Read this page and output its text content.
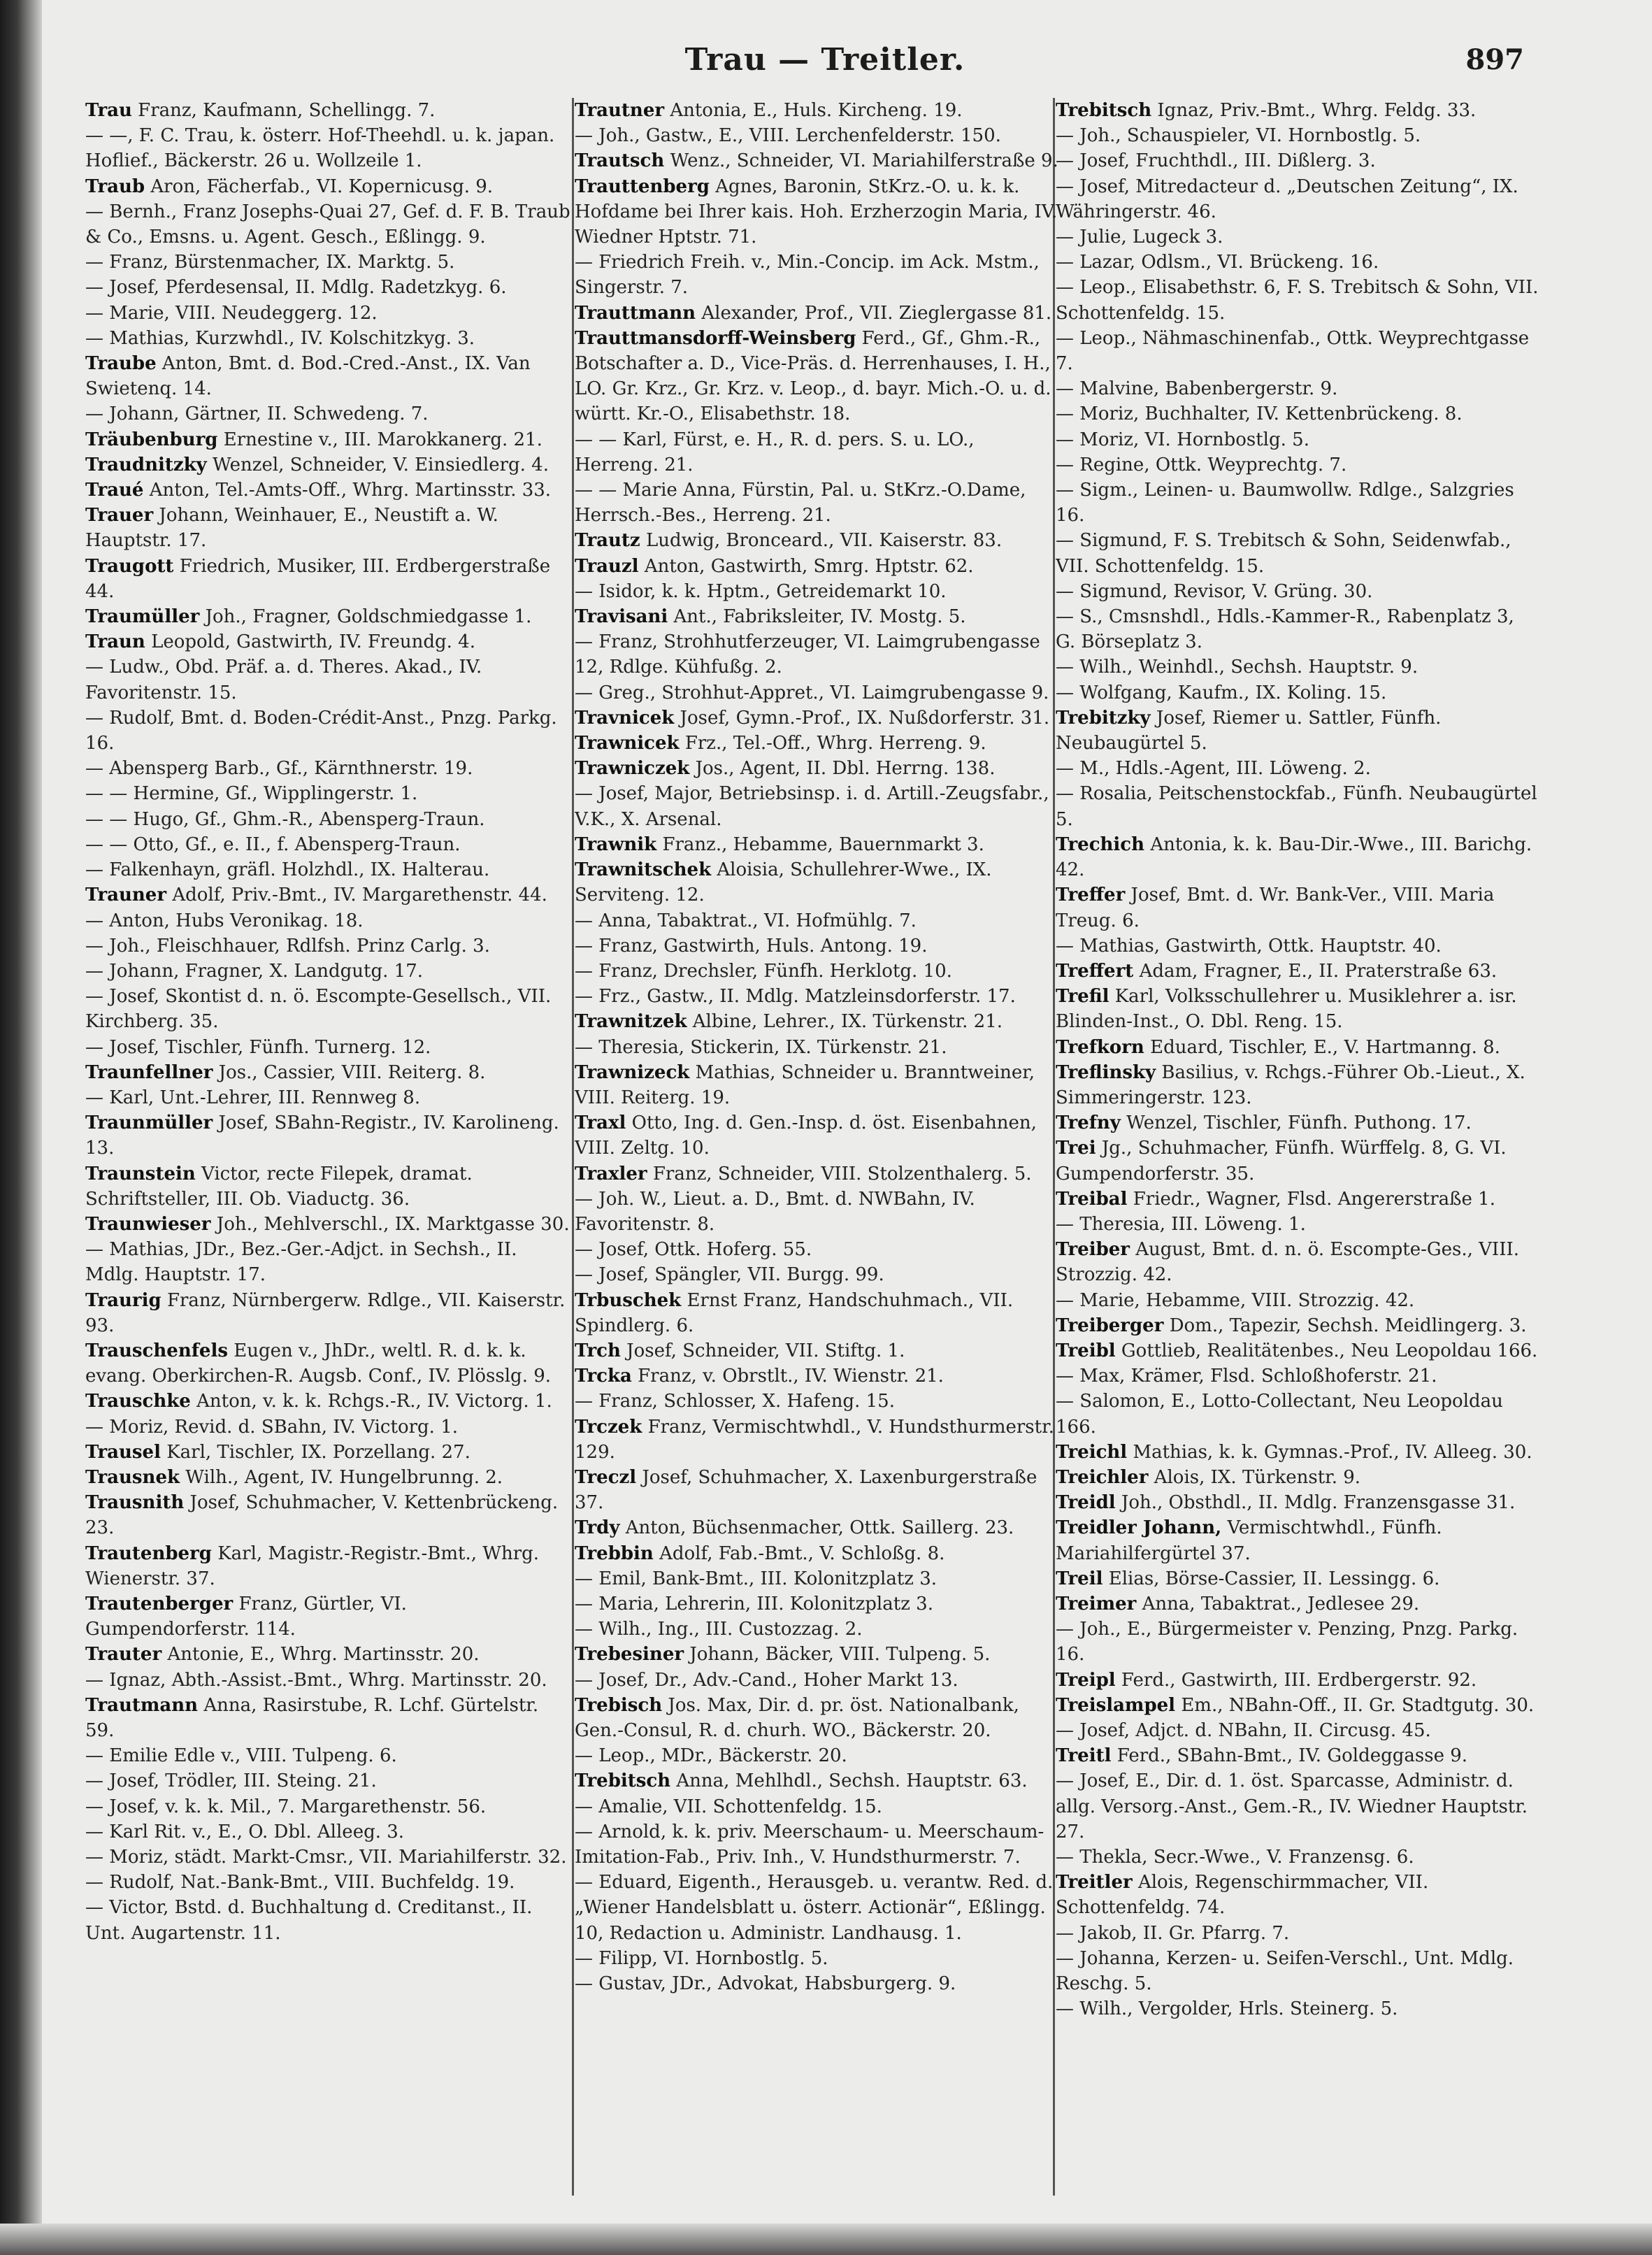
Trau — Treitler.	897

Trau Franz, Kaufmann, Schellingg. 7.

— —, F. C. Trau, k. österr. Hof-Theehdl. u. k. japan. Hoflief., Bäckerstr. 26 u. Wollzeile 1.

Traub Aron, Fächerfab., VI. Kopernicusg. 9.

— Bernh., Franz Josephs-Quai 27, Gef. d. F. B. Traub & Co., Emsns. u. Agent. Gesch., Eßlingg. 9.

— Franz, Bürstenmacher, IX. Marktg. 5.

— Josef, Pferdesensal, II. Mdlg. Radetzkyg. 6.

— Marie, VIII. Neudeggerg. 12.

— Mathias, Kurzwhdl., IV. Kolschitzkyg. 3.

Traube Anton, Bmt. d. Bod.-Cred.-Anst., IX. Van Swietenq. 14.

— Johann, Gärtner, II. Schwedeng. 7.

Träubenburg Ernestine v., III. Marokkanerg. 21.

Traudnitzky Wenzel, Schneider, V. Einsiedlerg. 4.

Traué Anton, Tel.-Amts-Off., Whrg. Martinsstr. 33.

Trauer Johann, Weinhauer, E., Neustift a. W. Hauptstr. 17.

Traugott Friedrich, Musiker, III. Erdbergerstraße 44.

Traumüller Joh., Fragner, Goldschmiedgasse 1.

Traun Leopold, Gastwirth, IV. Freundg. 4.

— Ludw., Obd. Präf. a. d. Theres. Akad., IV. Favoritenstr. 15.

— Rudolf, Bmt. d. Boden-Crédit-Anst., Pnzg. Parkg. 16.

— Abensperg Barb., Gf., Kärnthnerstr. 19.

— — Hermine, Gf., Wipplingerstr. 1.

— — Hugo, Gf., Ghm.-R., Abensperg-Traun.

— — Otto, Gf., e. II., f. Abensperg-Traun.

— Falkenhayn, gräfl. Holzhdl., IX. Halterau.

Trauner Adolf, Priv.-Bmt., IV. Margarethenstr. 44.

— Anton, Hubs Veronikag. 18.

— Joh., Fleischhauer, Rdlfsh. Prinz Carlg. 3.

— Johann, Fragner, X. Landgutg. 17.

— Josef, Skontist d. n. ö. Escompte-Gesellsch., VII. Kirchberg. 35.

— Josef, Tischler, Fünfh. Turnerg. 12.

Traunfellner Jos., Cassier, VIII. Reiterg. 8.

— Karl, Unt.-Lehrer, III. Rennweg 8.

Traunmüller Josef, SBahn-Registr., IV. Karolineng. 13.

Traunstein Victor, recte Filepek, dramat. Schriftsteller, III. Ob. Viaductg. 36.

Traunwieser Joh., Mehlverschl., IX. Marktgasse 30.

— Mathias, JDr., Bez.-Ger.-Adjct. in Sechsh., II. Mdlg. Hauptstr. 17.

Traurig Franz, Nürnbergerw. Rdlge., VII. Kaiserstr. 93.

Trauschenfels Eugen v., JhDr., weltl. R. d. k. k. evang. Oberkirchen-R. Augsb. Conf., IV. Plösslg. 9.

Trauschke Anton, v. k. k. Rchgs.-R., IV. Victorg. 1.

— Moriz, Revid. d. SBahn, IV. Victorg. 1.

Trausel Karl, Tischler, IX. Porzellang. 27.

Trausnek Wilh., Agent, IV. Hungelbrunng. 2.

Trausnith Josef, Schuhmacher, V. Kettenbrückeng. 23.

Trautenberg Karl, Magistr.-Registr.-Bmt., Whrg. Wienerstr. 37.

Trautenberger Franz, Gürtler, VI. Gumpendorferstr. 114.

Trauter Antonie, E., Whrg. Martinsstr. 20.

— Ignaz, Abth.-Assist.-Bmt., Whrg. Martinsstr. 20.

Trautmann Anna, Rasirstube, R. Lchf. Gürtelstr. 59.

— Emilie Edle v., VIII. Tulpeng. 6.

— Josef, Trödler, III. Steing. 21.

— Josef, v. k. k. Mil., 7. Margarethenstr. 56.

— Karl Rit. v., E., O. Dbl. Alleeg. 3.

— Moriz, städt. Markt-Cmsr., VII. Mariahilferstr. 32.

— Rudolf, Nat.-Bank-Bmt., VIII. Buchfeldg. 19.

— Victor, Bstd. d. Buchhaltung d. Creditanst., II. Unt. Augartenstr. 11.

Trautner Antonia, E., Huls. Kircheng. 19.

— Joh., Gastw., E., VIII. Lerchenfelderstr. 150.

Trautsch Wenz., Schneider, VI. Mariahilferstraße 9.

Trauttenberg Agnes, Baronin, StKrz.-O. u. k. k. Hofdame bei Ihrer kais. Hoh. Erzherzogin Maria, IV. Wiedner Hptstr. 71.

— Friedrich Freih. v., Min.-Concip. im Ack. Mstm., Singerstr. 7.

Trauttmann Alexander, Prof., VII. Zieglergasse 81.

Trauttmansdorff-Weinsberg Ferd., Gf., Ghm.-R., Botschafter a. D., Vice-Präs. d. Herrenhauses, I. H., LO. Gr. Krz., Gr. Krz. v. Leop., d. bayr. Mich.-O. u. d. württ. Kr.-O., Elisabethstr. 18.

— — Karl, Fürst, e. H., R. d. pers. S. u. LO., Herreng. 21.

— — Marie Anna, Fürstin, Pal. u. StKrz.-O.Dame, Herrsch.-Bes., Herreng. 21.

Trautz Ludwig, Bronceard., VII. Kaiserstr. 83.

Trauzl Anton, Gastwirth, Smrg. Hptstr. 62.

— Isidor, k. k. Hptm., Getreidemarkt 10.

Travisani Ant., Fabriksleiter, IV. Mostg. 5.

— Franz, Strohhutferzeuger, VI. Laimgrubengasse 12, Rdlge. Kühfußg. 2.

— Greg., Strohhut-Appret., VI. Laimgrubengasse 9.

Travnicek Josef, Gymn.-Prof., IX. Nußdorferstr. 31.

Trawnicek Frz., Tel.-Off., Whrg. Herreng. 9.

Trawniczek Jos., Agent, II. Dbl. Herrng. 138.

— Josef, Major, Betriebsinsp. i. d. Artill.-Zeugsfabr., V.K., X. Arsenal.

Trawnik Franz., Hebamme, Bauernmarkt 3.

Trawnitschek Aloisia, Schullehrer-Wwe., IX. Serviteng. 12.

— Anna, Tabaktrat., VI. Hofmühlg. 7.

— Franz, Gastwirth, Huls. Antong. 19.

— Franz, Drechsler, Fünfh. Herklotg. 10.

— Frz., Gastw., II. Mdlg. Matzleinsdorferstr. 17.

Trawnitzek Albine, Lehrer., IX. Türkenstr. 21.

— Theresia, Stickerin, IX. Türkenstr. 21.

Trawnizeck Mathias, Schneider u. Branntweiner, VIII. Reiterg. 19.

Traxl Otto, Ing. d. Gen.-Insp. d. öst. Eisenbahnen, VIII. Zeltg. 10.

Traxler Franz, Schneider, VIII. Stolzenthalerg. 5.

— Joh. W., Lieut. a. D., Bmt. d. NWBahn, IV. Favoritenstr. 8.

— Josef, Ottk. Hoferg. 55.

— Josef, Spängler, VII. Burgg. 99.

Trbuschek Ernst Franz, Handschuhmach., VII. Spindlerg. 6.

Trch Josef, Schneider, VII. Stiftg. 1.

Trcka Franz, v. Obrstlt., IV. Wienstr. 21.

— Franz, Schlosser, X. Hafeng. 15.

Trczek Franz, Vermischtwhdl., V. Hundsthurmerstr. 129.

Treczl Josef, Schuhmacher, X. Laxenburgerstraße 37.

Trdy Anton, Büchsenmacher, Ottk. Saillerg. 23.

Trebbin Adolf, Fab.-Bmt., V. Schloßg. 8.

— Emil, Bank-Bmt., III. Kolonitzplatz 3.

— Maria, Lehrerin, III. Kolonitzplatz 3.

— Wilh., Ing., III. Custozzag. 2.

Trebesiner Johann, Bäcker, VIII. Tulpeng. 5.

— Josef, Dr., Adv.-Cand., Hoher Markt 13.

Trebisch Jos. Max, Dir. d. pr. öst. Nationalbank, Gen.-Consul, R. d. churh. WO., Bäckerstr. 20.

— Leop., MDr., Bäckerstr. 20.

Trebitsch Anna, Mehlhdl., Sechsh. Hauptstr. 63.

— Amalie, VII. Schottenfeldg. 15.

— Arnold, k. k. priv. Meerschaum- u. Meerschaum-Imitation-Fab., Priv. Inh., V. Hundsthurmerstr. 7.

— Eduard, Eigenth., Herausgeb. u. verantw. Red. d. „Wiener Handelsblatt u. österr. Actionär“, Eßlingg. 10, Redaction u. Administr. Landhausg. 1.

— Filipp, VI. Hornbostlg. 5.

— Gustav, JDr., Advokat, Habsburgerg. 9.

Trebitsch Ignaz, Priv.-Bmt., Whrg. Feldg. 33.

— Joh., Schauspieler, VI. Hornbostlg. 5.

— Josef, Fruchthdl., III. Dißlerg. 3.

— Josef, Mitredacteur d. „Deutschen Zeitung“, IX. Währingerstr. 46.

— Julie, Lugeck 3.

— Lazar, Odlsm., VI. Brückeng. 16.

— Leop., Elisabethstr. 6, F. S. Trebitsch & Sohn, VII. Schottenfeldg. 15.

— Leop., Nähmaschinenfab., Ottk. Weyprechtgasse 7.

— Malvine, Babenbergerstr. 9.

— Moriz, Buchhalter, IV. Kettenbrückeng. 8.

— Moriz, VI. Hornbostlg. 5.

— Regine, Ottk. Weyprechtg. 7.

— Sigm., Leinen- u. Baumwollw. Rdlge., Salzgries 16.

— Sigmund, F. S. Trebitsch & Sohn, Seidenwfab., VII. Schottenfeldg. 15.

— Sigmund, Revisor, V. Grüng. 30.

— S., Cmsnshdl., Hdls.-Kammer-R., Rabenplatz 3, G. Börseplatz 3.

— Wilh., Weinhdl., Sechsh. Hauptstr. 9.

— Wolfgang, Kaufm., IX. Koling. 15.

Trebitzky Josef, Riemer u. Sattler, Fünfh. Neubaugürtel 5.

— M., Hdls.-Agent, III. Löweng. 2.

— Rosalia, Peitschenstockfab., Fünfh. Neubaugürtel 5.

Trechich Antonia, k. k. Bau-Dir.-Wwe., III. Barichg. 42.

Treffer Josef, Bmt. d. Wr. Bank-Ver., VIII. Maria Treug. 6.

— Mathias, Gastwirth, Ottk. Hauptstr. 40.

Treffert Adam, Fragner, E., II. Praterstraße 63.

Trefil Karl, Volksschullehrer u. Musiklehrer a. isr. Blinden-Inst., O. Dbl. Reng. 15.

Trefkorn Eduard, Tischler, E., V. Hartmanng. 8.

Treflinsky Basilius, v. Rchgs.-Führer Ob.-Lieut., X. Simmeringerstr. 123.

Trefny Wenzel, Tischler, Fünfh. Puthong. 17.

Trei Jg., Schuhmacher, Fünfh. Würffelg. 8, G. VI. Gumpendorferstr. 35.

Treibal Friedr., Wagner, Flsd. Angererstraße 1.

— Theresia, III. Löweng. 1.

Treiber August, Bmt. d. n. ö. Escompte-Ges., VIII. Strozzig. 42.

— Marie, Hebamme, VIII. Strozzig. 42.

Treiberger Dom., Tapezir, Sechsh. Meidlingerg. 3.

Treibl Gottlieb, Realitätenbes., Neu Leopoldau 166.

— Max, Krämer, Flsd. Schloßhoferstr. 21.

— Salomon, E., Lotto-Collectant, Neu Leopoldau 166.

Treichl Mathias, k. k. Gymnas.-Prof., IV. Alleeg. 30.

Treichler Alois, IX. Türkenstr. 9.

Treidl Joh., Obsthdl., II. Mdlg. Franzensgasse 31.

Treidler Johann, Vermischtwhdl., Fünfh. Mariahilfergürtel 37.

Treil Elias, Börse-Cassier, II. Lessingg. 6.

Treimer Anna, Tabaktrat., Jedlesee 29.

— Joh., E., Bürgermeister v. Penzing, Pnzg. Parkg. 16.

Treipl Ferd., Gastwirth, III. Erdbergerstr. 92.

Treislampel Em., NBahn-Off., II. Gr. Stadtgutg. 30.

— Josef, Adjct. d. NBahn, II. Circusg. 45.

Treitl Ferd., SBahn-Bmt., IV. Goldeggasse 9.

— Josef, E., Dir. d. 1. öst. Sparcasse, Administr. d. allg. Versorg.-Anst., Gem.-R., IV. Wiedner Hauptstr. 27.

— Thekla, Secr.-Wwe., V. Franzensg. 6.

Treitler Alois, Regenschirmmacher, VII. Schottenfeldg. 74.

— Jakob, II. Gr. Pfarrg. 7.

— Johanna, Kerzen- u. Seifen-Verschl., Unt. Mdlg. Reschg. 5.

— Wilh., Vergolder, Hrls. Steinerg. 5.
